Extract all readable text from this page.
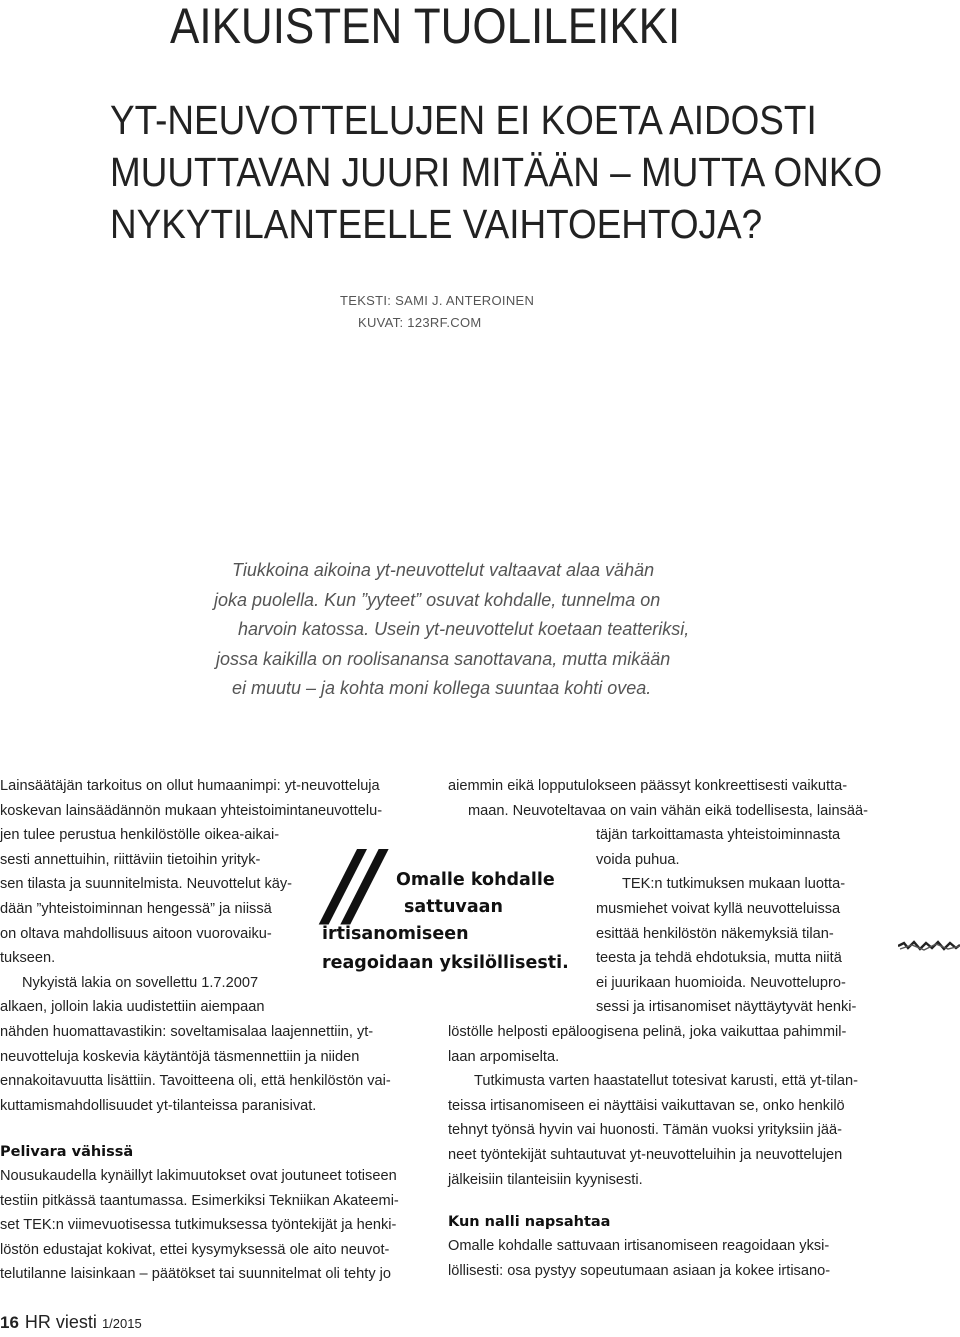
AIKUISTEN TUOLILEIKKI
YT-NEUVOTTELUJEN EI KOETA AIDOSTI
MUUTTAVAN JUURI MITÄÄN – MUTTA ONKO
NYKYTILANTEELLE VAIHTOEHTOJA?
TEKSTI: SAMI J. ANTEROINEN
KUVAT: 123RF.COM
Tiukkoina aikoina yt-neuvottelut valtaavat alaa vähän
joka puolella. Kun ”yyteet” osuvat kohdalle, tunnelma on
harvoin katossa. Usein yt-neuvottelut koetaan teatteriksi,
jossa kaikilla on roolisanansa sanottavana, mutta mikään
ei muutu – ja kohta moni kollega suuntaa kohti ovea.
Lainsäätäjän tarkoitus on ollut humaanimpi: yt-neuvotteluja
koskevan lainsäädännön mukaan yhteistoimintaneuvottelu-
jen tulee perustua henkilöstölle oikea-aikai-
sesti annettuihin, riittäviin tietoihin yrityk-
sen tilasta ja suunnitelmista. Neuvottelut käy-
dään ”yhteistoiminnan hengessä” ja niissä
on oltava mahdollisuus aitoon vuorovaiku-
tukseen.
Nykyistä lakia on sovellettu 1.7.2007
alkaen, jolloin lakia uudistettiin aiempaan
nähden huomattavastikin: soveltamisalaa laajennettiin, yt-
neuvotteluja koskevia käytäntöjä täsmennettiin ja niiden
ennakoitavuutta lisättiin. Tavoitteena oli, että henkilöstön vai-
kuttamismahdollisuudet yt-tilanteissa paranisivat.
Pelivara vähissä
Nousukaudella kynäillyt lakimuutokset ovat joutuneet totiseen
testiin pitkässä taantumassa. Esimerkiksi Tekniikan Akateemi-
set TEK:n viimevuotisessa tutkimuksessa työntekijät ja henki-
löstön edustajat kokivat, ettei kysymyksessä ole aito neuvot-
telutilanne laisinkaan – päätökset tai suunnitelmat oli tehty jo
// Omalle kohdalle
sattuvaan
irtisanomiseen
reagoidaan yksilöllisesti.
aiemmin eikä lopputulokseen päässyt konkreettisesti vaikutta-
maan. Neuvoteltavaa on vain vähän eikä todellisesta, lainsää-
täjän tarkoittamasta yhteistoiminnasta
voida puhua.
TEK:n tutkimuksen mukaan luotta-
musmiehet voivat kyllä neuvotteluissa
esittää henkilöstön näkemyksiä tilan-
teesta ja tehdä ehdotuksia, mutta niitä
ei juurikaan huomioida. Neuvottelupro-
sessi ja irtisanomiset näyttäytyvät henki-
löstölle helposti epäloogisena pelinä, joka vaikuttaa pahimmil-
laan arpomiselta.
Tutkimusta varten haastatellut totesivat karusti, että yt-tilan-
teissa irtisanomiseen ei näyttäisi vaikuttavan se, onko henkilö
tehnyt työnsä hyvin vai huonosti. Tämän vuoksi yrityksiin jää-
neet työntekijät suhtautuvat yt-neuvotteluihin ja neuvottelujen
jälkeisiin tilanteisiin kyynisesti.
Kun nalli napsahtaa
Omalle kohdalle sattuvaan irtisanomiseen reagoidaan yksi-
löllisesti: osa pystyy sopeutumaan asiaan ja kokee irtisano-
16 HR viesti 1/2015
